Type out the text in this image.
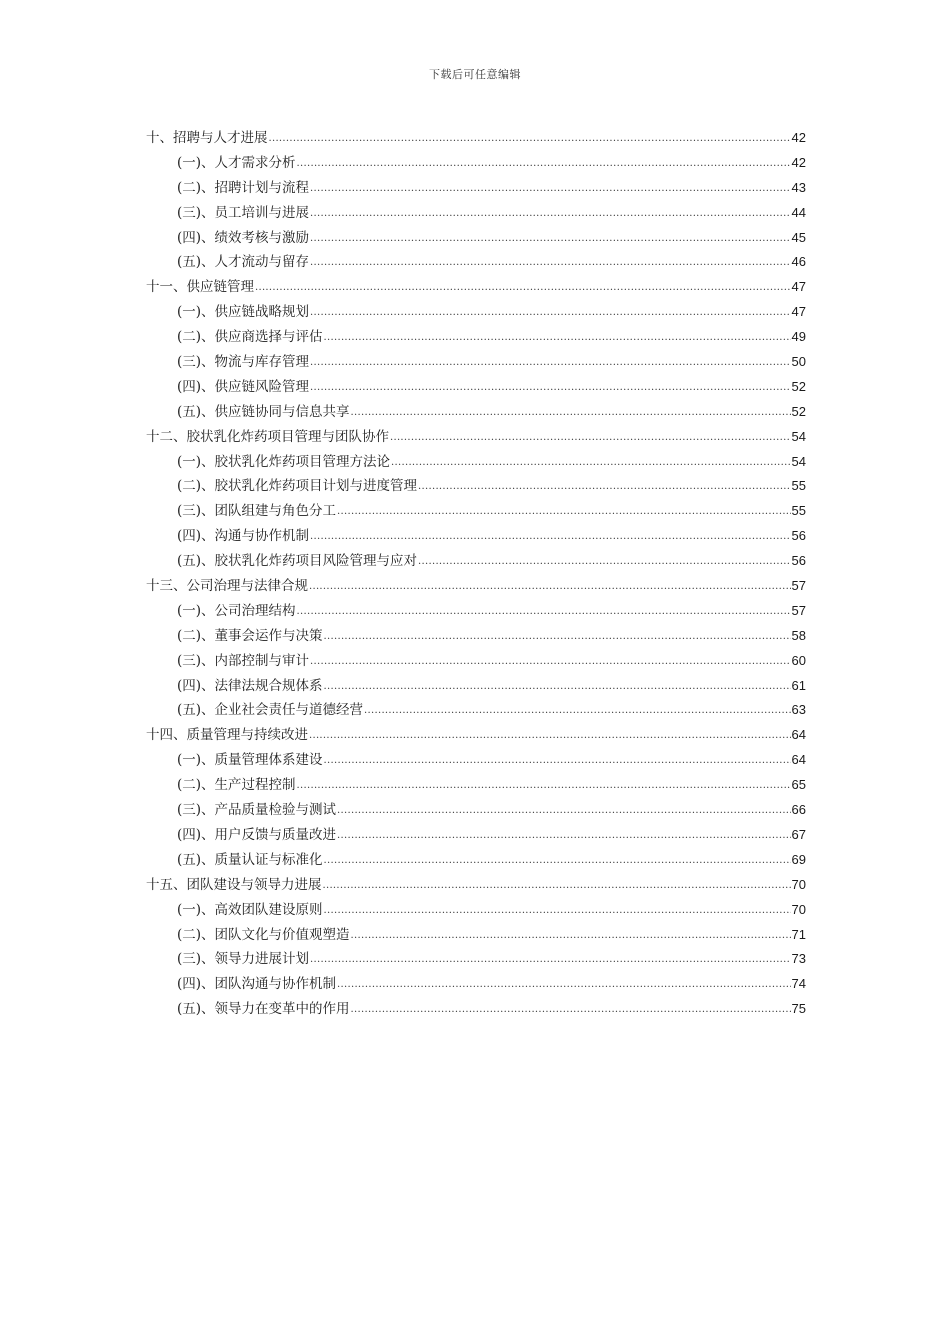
下载后可任意编辑
十、招聘与人才进展 .....	42
(一)、人才需求分析 .....	42
(二)、招聘计划与流程 .....	43
(三)、员工培训与进展 .....	44
(四)、绩效考核与激励 .....	45
(五)、人才流动与留存 .....	46
十一、供应链管理 .....	47
(一)、供应链战略规划 .....	47
(二)、供应商选择与评估 .....	49
(三)、物流与库存管理 .....	50
(四)、供应链风险管理 .....	52
(五)、供应链协同与信息共享 .....	52
十二、胶状乳化炸药项目管理与团队协作 .....	54
(一)、胶状乳化炸药项目管理方法论 .....	54
(二)、胶状乳化炸药项目计划与进度管理 .....	55
(三)、团队组建与角色分工 .....	55
(四)、沟通与协作机制 .....	56
(五)、胶状乳化炸药项目风险管理与应对 .....	56
十三、公司治理与法律合规 .....	57
(一)、公司治理结构 .....	57
(二)、董事会运作与决策 .....	58
(三)、内部控制与审计 .....	60
(四)、法律法规合规体系 .....	61
(五)、企业社会责任与道德经营 .....	63
十四、质量管理与持续改进 .....	64
(一)、质量管理体系建设 .....	64
(二)、生产过程控制 .....	65
(三)、产品质量检验与测试 .....	66
(四)、用户反馈与质量改进 .....	67
(五)、质量认证与标准化 .....	69
十五、团队建设与领导力进展 .....	70
(一)、高效团队建设原则 .....	70
(二)、团队文化与价值观塑造 .....	71
(三)、领导力进展计划 .....	73
(四)、团队沟通与协作机制 .....	74
(五)、领导力在变革中的作用 .....	75
